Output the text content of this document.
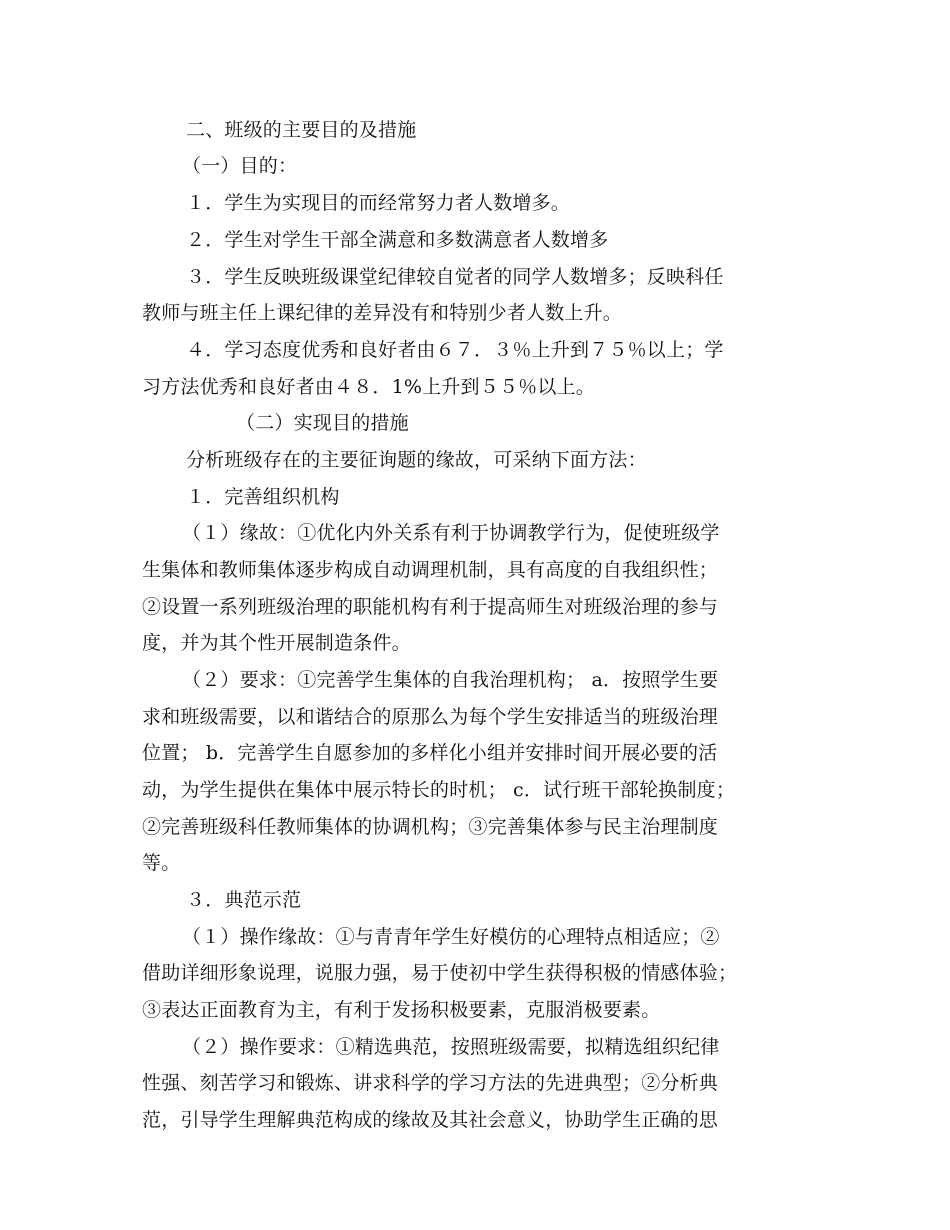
二、班级的主要目的及措施
（一）目的：
１．学生为实现目的而经常努力者人数增多。
２．学生对学生干部全满意和多数满意者人数增多
３．学生反映班级课堂纪律较自觉者的同学人数增多；反映科任
教师与班主任上课纪律的差异没有和特别少者人数上升。
４．学习态度优秀和良好者由６７．３％上升到７５％以上；学
习方法优秀和良好者由４８．1%上升到５５％以上。
（二）实现目的措施
分析班级存在的主要征询题的缘故，可采纳下面方法：
１．完善组织机构
（１）缘故：①优化内外关系有利于协调教学行为，促使班级学
生集体和教师集体逐步构成自动调理机制，具有高度的自我组织性；
②设置一系列班级治理的职能机构有利于提高师生对班级治理的参与
度，并为其个性开展制造条件。
（２）要求：①完善学生集体的自我治理机构； a．按照学生要
求和班级需要，以和谐结合的原那么为每个学生安排适当的班级治理
位置； b．完善学生自愿参加的多样化小组并安排时间开展必要的活
动，为学生提供在集体中展示特长的时机； c．试行班干部轮换制度；
②完善班级科任教师集体的协调机构；③完善集体参与民主治理制度
等。
３．典范示范
（１）操作缘故：①与青青年学生好模仿的心理特点相适应；②
借助详细形象说理，说服力强，易于使初中学生获得积极的情感体验；
③表达正面教育为主，有利于发扬积极要素，克服消极要素。
（２）操作要求：①精选典范，按照班级需要，拟精选组织纪律
性强、刻苦学习和锻炼、讲求科学的学习方法的先进典型；②分析典
范，引导学生理解典范构成的缘故及其社会意义，协助学生正确的思
